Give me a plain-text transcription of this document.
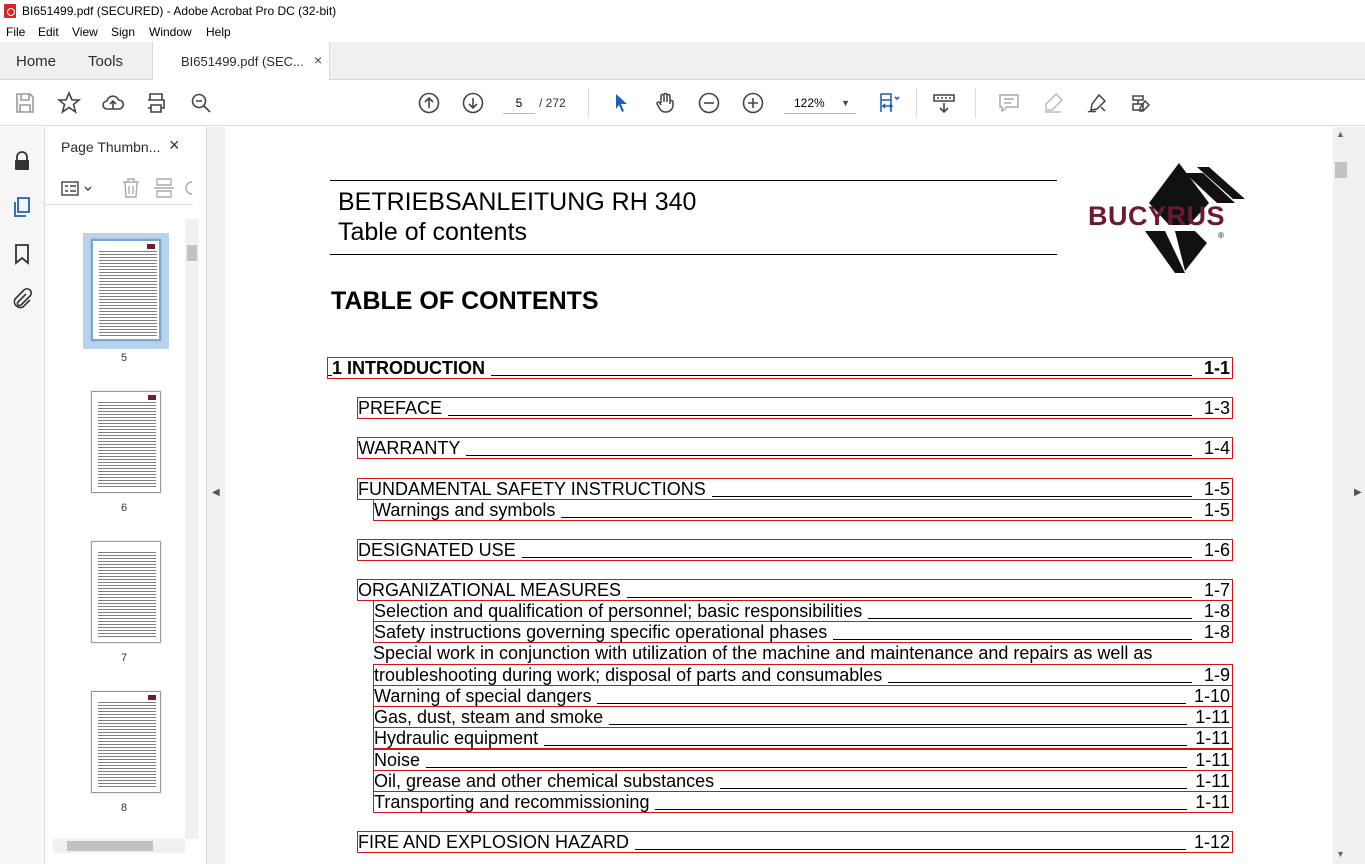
BI651499.pdf (SECURED) - Adobe Acrobat Pro DC (32-bit)
File Edit View Sign Window Help
Home Tools	BI651499.pdf (SEC... ×
5	/ 272	122% ▼
Page Thumbn... ×
5
6
7
8
◀
BETRIEBSANLEITUNG RH 340
Table of contents
BUCYRUS
®
TABLE OF CONTENTS
1 INTRODUCTION	1-1
PREFACE	1-3
WARRANTY	1-4
FUNDAMENTAL SAFETY INSTRUCTIONS	1-5
Warnings and symbols	1-5
DESIGNATED USE	1-6
ORGANIZATIONAL MEASURES	1-7
Selection and qualification of personnel; basic responsibilities	1-8
Safety instructions governing specific operational phases	1-8
Special work in conjunction with utilization of the machine and maintenance and repairs as well as
troubleshooting during work; disposal of parts and consumables	1-9
Warning of special dangers	1-10
Gas, dust, steam and smoke	1-11
Hydraulic equipment	1-11
Noise	1-11
Oil, grease and other chemical substances	1-11
Transporting and recommissioning	1-11
FIRE AND EXPLOSION HAZARD	1-12
▲
▼
▶
